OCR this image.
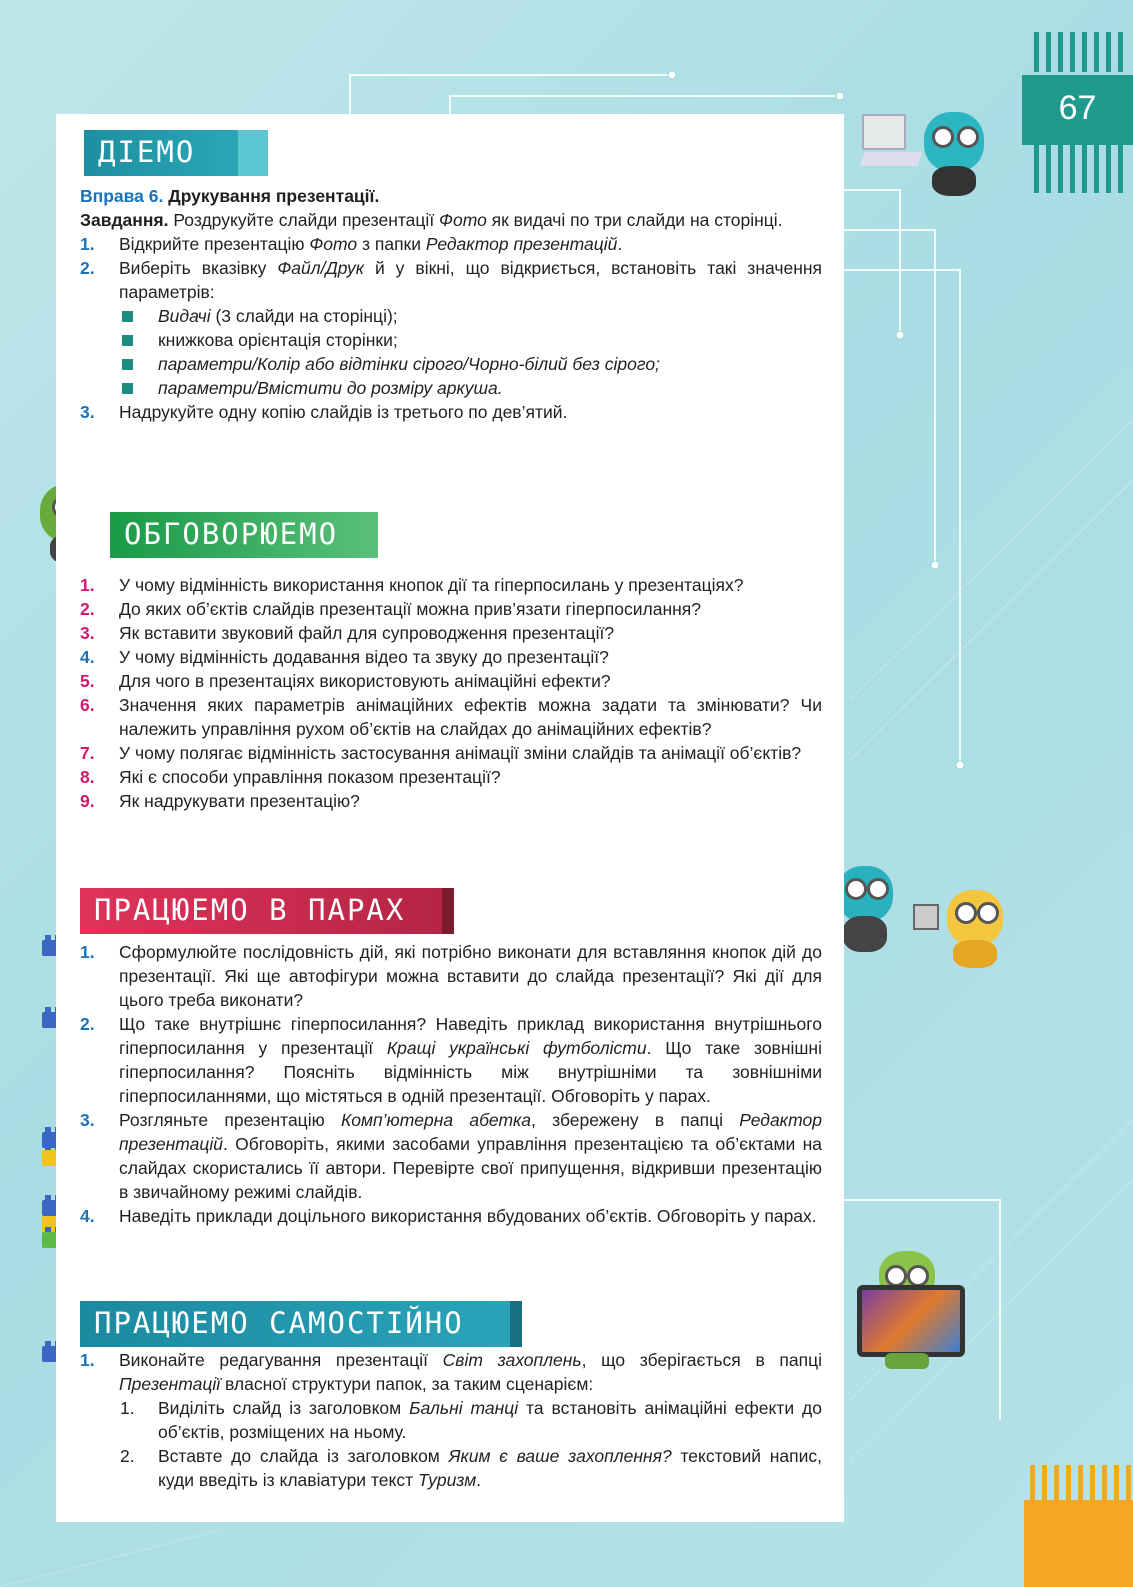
67
ДІЕМО
ОБГОВОРЮЕМО
ПРАЦЮЕМО В ПАРАХ
ПРАЦЮЕМО САМОСТІЙНО
Вправа 6. Друкування презентації.
Завдання. Роздрукуйте слайди презентації Фото як видачі по три слайди на сторінці.
1. Відкрийте презентацію Фото з папки Редактор презентацій.
2. Виберіть вказівку Файл/Друк й у вікні, що відкриється, встановіть такі значення параметрів:
Видачі (3 слайди на сторінці);
книжкова орієнтація сторінки;
параметри/Колір або відтінки сірого/Чорно-білий без сірого;
параметри/Вмістити до розміру аркуша.
3. Надрукуйте одну копію слайдів із третього по дев’ятий.
1. У чому відмінність використання кнопок дії та гіперпосилань у презентаціях?
2. До яких об’єктів слайдів презентації можна прив’язати гіперпосилання?
3. Як вставити звуковий файл для супроводження презентації?
4. У чому відмінність додавання відео та звуку до презентації?
5. Для чого в презентаціях використовують анімаційні ефекти?
6. Значення яких параметрів анімаційних ефектів можна задати та змінювати? Чи належить управління рухом об’єктів на слайдах до анімаційних ефектів?
7. У чому полягає відмінність застосування анімації зміни слайдів та анімації об’єктів?
8. Які є способи управління показом презентації?
9. Як надрукувати презентацію?
1. Сформулюйте послідовність дій, які потрібно виконати для вставляння кнопок дій до презентації. Які ще автофігури можна вставити до слайда презентації? Які дії для цього треба виконати?
2. Що таке внутрішнє гіперпосилання? Наведіть приклад використання внутрішнього гіперпосилання у презентації Кращі українські футболісти. Що таке зовнішні гіперпосилання? Поясніть відмінність між внутрішніми та зовнішніми гіперпосиланнями, що містяться в одній презентації. Обговоріть у парах.
3. Розгляньте презентацію Комп’ютерна абетка, збережену в папці Редактор презентацій. Обговоріть, якими засобами управління презентацією та об’єктами на слайдах скористались її автори. Перевірте свої припущення, відкривши презентацію в звичайному режимі слайдів.
4. Наведіть приклади доцільного використання вбудованих об’єктів. Обговоріть у парах.
1. Виконайте редагування презентації Світ захоплень, що зберігається в папці Презентації власної структури папок, за таким сценарієм:
1. Виділіть слайд із заголовком Бальні танці та встановіть анімаційні ефекти до об’єктів, розміщених на ньому.
2. Вставте до слайда із заголовком Яким є ваше захоплення? текстовий напис, куди введіть із клавіатури текст Туризм.
